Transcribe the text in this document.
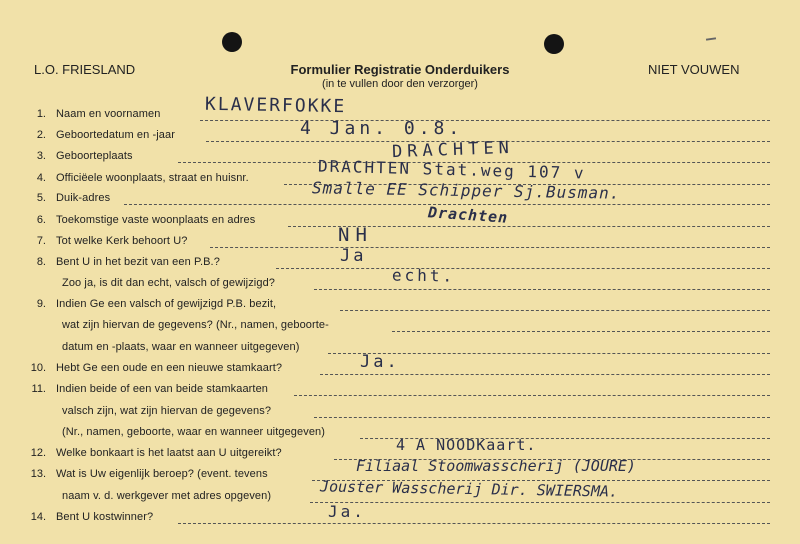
L.O. FRIESLAND	Formulier Registratie Onderduikers
(in te vullen door den verzorger)
NIET VOUWEN
1. Naam en voornamen
2. Geboortedatum en -jaar
3. Geboorteplaats
4. Officiëele woonplaats, straat en huisnr.
5. Duik-adres
6. Toekomstige vaste woonplaats en adres
7. Tot welke Kerk behoort U?
8. Bent U in het bezit van een P.B.?
Zoo ja, is dit dan echt, valsch of gewijzigd?
9. Indien Ge een valsch of gewijzigd P.B. bezit,
wat zijn hiervan de gegevens? (Nr., namen, geboorte-
datum en -plaats, waar en wanneer uitgegeven)
10. Hebt Ge een oude en een nieuwe stamkaart?
11. Indien beide of een van beide stamkaarten
valsch zijn, wat zijn hiervan de gegevens?
(Nr., namen, geboorte, waar en wanneer uitgegeven)
12. Welke bonkaart is het laatst aan U uitgereikt?
13. Wat is Uw eigenlijk beroep? (event. tevens
naam v. d. werkgever met adres opgeven)
14. Bent U kostwinner?
KLAVERFOKKE
4 Jan. 0.8.
DRACHTEN
DRACHTEN Stat.weg 107 v
Smalle EE Schipper Sj.Busman.
Drachten
NH
Ja
echt.
Ja.
4 A NOODKaart.
Filiaal Stoomwasscherij (JOURE)
Jouster Wasscherij Dir. SWIERSMA.
Ja.
